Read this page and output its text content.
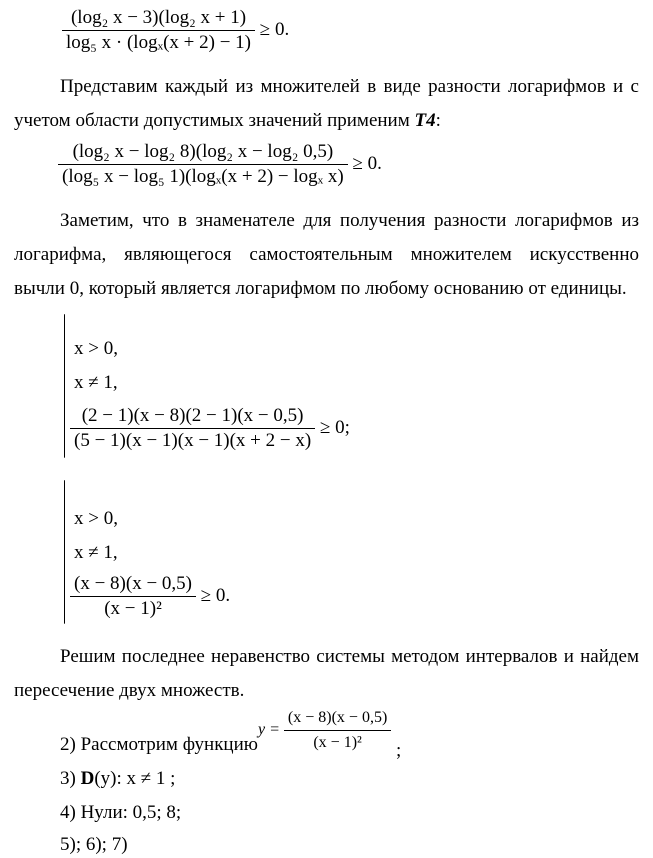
$\frac{\text{(log₂ x − 3)(log₂ x + 1)}}{\text{log₅ x · (logₓ(x + 2) − 1)}} \ge 0$.
Представим каждый из множителей в виде разности логарифмов и с учетом области допустимых значений применим T4:
$\frac{\text{(log₂ x − log₂ 8)(log₂ x − log₂ 0,5)}}{\text{(log₅ x − log₅ 1)(logₓ(x + 2) − logₓ x)}} \ge 0$.
Заметим, что в знаменателе для получения разности логарифмов из логарифма, являющегося самостоятельным множителем искусственно вычли 0, который является логарифмом по любому основанию от единицы.
x > 0,
x ≠ 1,
$\frac{(2 - 1)(x - 8)(2 - 1)(x - 0,5)}{(5 - 1)(x - 1)(x - 1)(x + 2 - x)} \ge 0$;
x > 0,
x ≠ 1,
$\frac{(x - 8)(x - 0,5)}{\text{(x − 1)²}} \ge 0$.
Решим последнее неравенство системы методом интервалов и найдем пересечение двух множеств.
2) Рассмотрим функцию
$y = \frac{(x - 8)(x - 0,5)}{\text{(x − 1)²}}$ ;
3) D(y): x ≠ 1 ;
4) Нули: 0,5; 8;
5); 6); 7)
